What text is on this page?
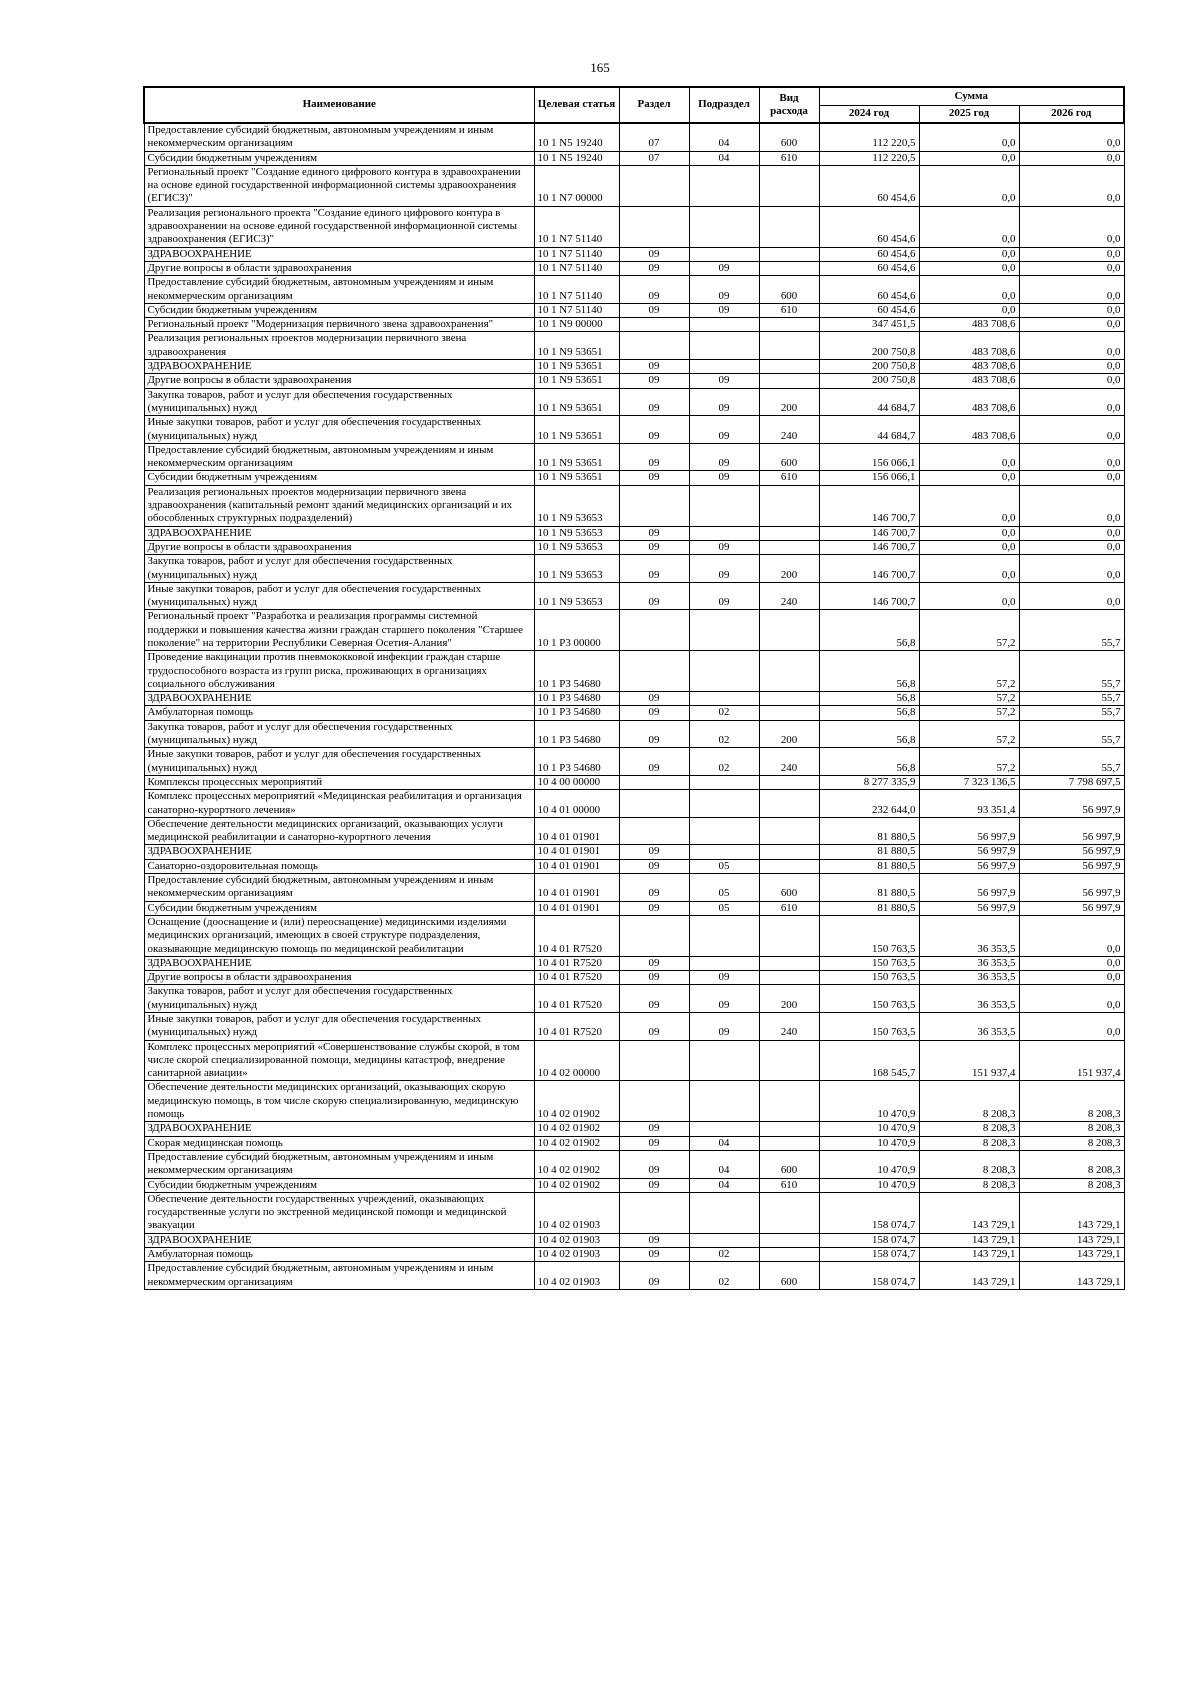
165
Наименование	Целевая статья	Раздел	Подраздел	Вид расхода	Сумма		
					2024 год	2025 год	2026 год
Предоставление субсидий бюджетным, автономным учреждениям и иным некоммерческим организациям	10 1 N5 19240	07	04	600	112 220,5	0,0	0,0
Субсидии бюджетным учреждениям	10 1 N5 19240	07	04	610	112 220,5	0,0	0,0
Региональный проект "Создание единого цифрового контура в здравоохранении на основе единой государственной информационной системы здравоохранения (ЕГИСЗ)"	10 1 N7 00000				60 454,6	0,0	0,0
Реализация регионального проекта "Создание единого цифрового контура в здравоохранении на основе единой государственной информационной системы здравоохранения (ЕГИСЗ)"	10 1 N7 51140				60 454,6	0,0	0,0
ЗДРАВООХРАНЕНИЕ	10 1 N7 51140	09			60 454,6	0,0	0,0
Другие вопросы в области здравоохранения	10 1 N7 51140	09	09		60 454,6	0,0	0,0
Предоставление субсидий бюджетным, автономным учреждениям и иным некоммерческим организациям	10 1 N7 51140	09	09	600	60 454,6	0,0	0,0
Субсидии бюджетным учреждениям	10 1 N7 51140	09	09	610	60 454,6	0,0	0,0
Региональный проект "Модернизация первичного звена здравоохранения"	10 1 N9 00000				347 451,5	483 708,6	0,0
Реализация региональных проектов модернизации первичного звена здравоохранения	10 1 N9 53651				200 750,8	483 708,6	0,0
ЗДРАВООХРАНЕНИЕ	10 1 N9 53651	09			200 750,8	483 708,6	0,0
Другие вопросы в области здравоохранения	10 1 N9 53651	09	09		200 750,8	483 708,6	0,0
Закупка товаров, работ и услуг для обеспечения государственных (муниципальных) нужд	10 1 N9 53651	09	09	200	44 684,7	483 708,6	0,0
Иные закупки товаров, работ и услуг для обеспечения государственных (муниципальных) нужд	10 1 N9 53651	09	09	240	44 684,7	483 708,6	0,0
Предоставление субсидий бюджетным, автономным учреждениям и иным некоммерческим организациям	10 1 N9 53651	09	09	600	156 066,1	0,0	0,0
Субсидии бюджетным учреждениям	10 1 N9 53651	09	09	610	156 066,1	0,0	0,0
Реализация региональных проектов модернизации первичного звена здравоохранения (капитальный ремонт зданий медицинских организаций и их обособленных структурных подразделений)	10 1 N9 53653				146 700,7	0,0	0,0
ЗДРАВООХРАНЕНИЕ	10 1 N9 53653	09			146 700,7	0,0	0,0
Другие вопросы в области здравоохранения	10 1 N9 53653	09	09		146 700,7	0,0	0,0
Закупка товаров, работ и услуг для обеспечения государственных (муниципальных) нужд	10 1 N9 53653	09	09	200	146 700,7	0,0	0,0
Иные закупки товаров, работ и услуг для обеспечения государственных (муниципальных) нужд	10 1 N9 53653	09	09	240	146 700,7	0,0	0,0
Региональный проект "Разработка и реализация программы системной поддержки и повышения качества жизни граждан старшего поколения "Старшее поколение" на территории Республики Северная Осетия-Алания"	10 1 P3 00000				56,8	57,2	55,7
Проведение вакцинации против пневмококковой инфекции граждан старше трудоспособного возраста из групп риска, проживающих в организациях социального обслуживания	10 1 P3 54680				56,8	57,2	55,7
ЗДРАВООХРАНЕНИЕ	10 1 P3 54680	09			56,8	57,2	55,7
Амбулаторная помощь	10 1 P3 54680	09	02		56,8	57,2	55,7
Закупка товаров, работ и услуг для обеспечения государственных (муниципальных) нужд	10 1 P3 54680	09	02	200	56,8	57,2	55,7
Иные закупки товаров, работ и услуг для обеспечения государственных (муниципальных) нужд	10 1 P3 54680	09	02	240	56,8	57,2	55,7
Комплексы процессных мероприятий	10 4 00 00000				8 277 335,9	7 323 136,5	7 798 697,5
Комплекс процессных мероприятий «Медицинская реабилитация и организация санаторно-курортного лечения»	10 4 01 00000				232 644,0	93 351,4	56 997,9
Обеспечение деятельности медицинских организаций, оказывающих услуги медицинской реабилитации и санаторно-курортного лечения	10 4 01 01901				81 880,5	56 997,9	56 997,9
ЗДРАВООХРАНЕНИЕ	10 4 01 01901	09			81 880,5	56 997,9	56 997,9
Санаторно-оздоровительная помощь	10 4 01 01901	09	05		81 880,5	56 997,9	56 997,9
Предоставление субсидий бюджетным, автономным учреждениям и иным некоммерческим организациям	10 4 01 01901	09	05	600	81 880,5	56 997,9	56 997,9
Субсидии бюджетным учреждениям	10 4 01 01901	09	05	610	81 880,5	56 997,9	56 997,9
Оснащение (дооснащение и (или) переоснащение) медицинскими изделиями медицинских организаций, имеющих в своей структуре подразделения, оказывающие медицинскую помощь по медицинской реабилитации	10 4 01 R7520				150 763,5	36 353,5	0,0
ЗДРАВООХРАНЕНИЕ	10 4 01 R7520	09			150 763,5	36 353,5	0,0
Другие вопросы в области здравоохранения	10 4 01 R7520	09	09		150 763,5	36 353,5	0,0
Закупка товаров, работ и услуг для обеспечения государственных (муниципальных) нужд	10 4 01 R7520	09	09	200	150 763,5	36 353,5	0,0
Иные закупки товаров, работ и услуг для обеспечения государственных (муниципальных) нужд	10 4 01 R7520	09	09	240	150 763,5	36 353,5	0,0
Комплекс процессных мероприятий «Совершенствование службы скорой, в том числе скорой специализированной помощи, медицины катастроф, внедрение санитарной авиации»	10 4 02 00000				168 545,7	151 937,4	151 937,4
Обеспечение деятельности медицинских организаций, оказывающих скорую медицинскую помощь, в том числе скорую специализированную, медицинскую помощь	10 4 02 01902				10 470,9	8 208,3	8 208,3
ЗДРАВООХРАНЕНИЕ	10 4 02 01902	09			10 470,9	8 208,3	8 208,3
Скорая медицинская помощь	10 4 02 01902	09	04		10 470,9	8 208,3	8 208,3
Предоставление субсидий бюджетным, автономным учреждениям и иным некоммерческим организациям	10 4 02 01902	09	04	600	10 470,9	8 208,3	8 208,3
Субсидии бюджетным учреждениям	10 4 02 01902	09	04	610	10 470,9	8 208,3	8 208,3
Обеспечение деятельности государственных учреждений, оказывающих государственные услуги по экстренной медицинской помощи и медицинской эвакуации	10 4 02 01903				158 074,7	143 729,1	143 729,1
ЗДРАВООХРАНЕНИЕ	10 4 02 01903	09			158 074,7	143 729,1	143 729,1
Амбулаторная помощь	10 4 02 01903	09	02		158 074,7	143 729,1	143 729,1
Предоставление субсидий бюджетным, автономным учреждениям и иным некоммерческим организациям	10 4 02 01903	09	02	600	158 074,7	143 729,1	143 729,1
